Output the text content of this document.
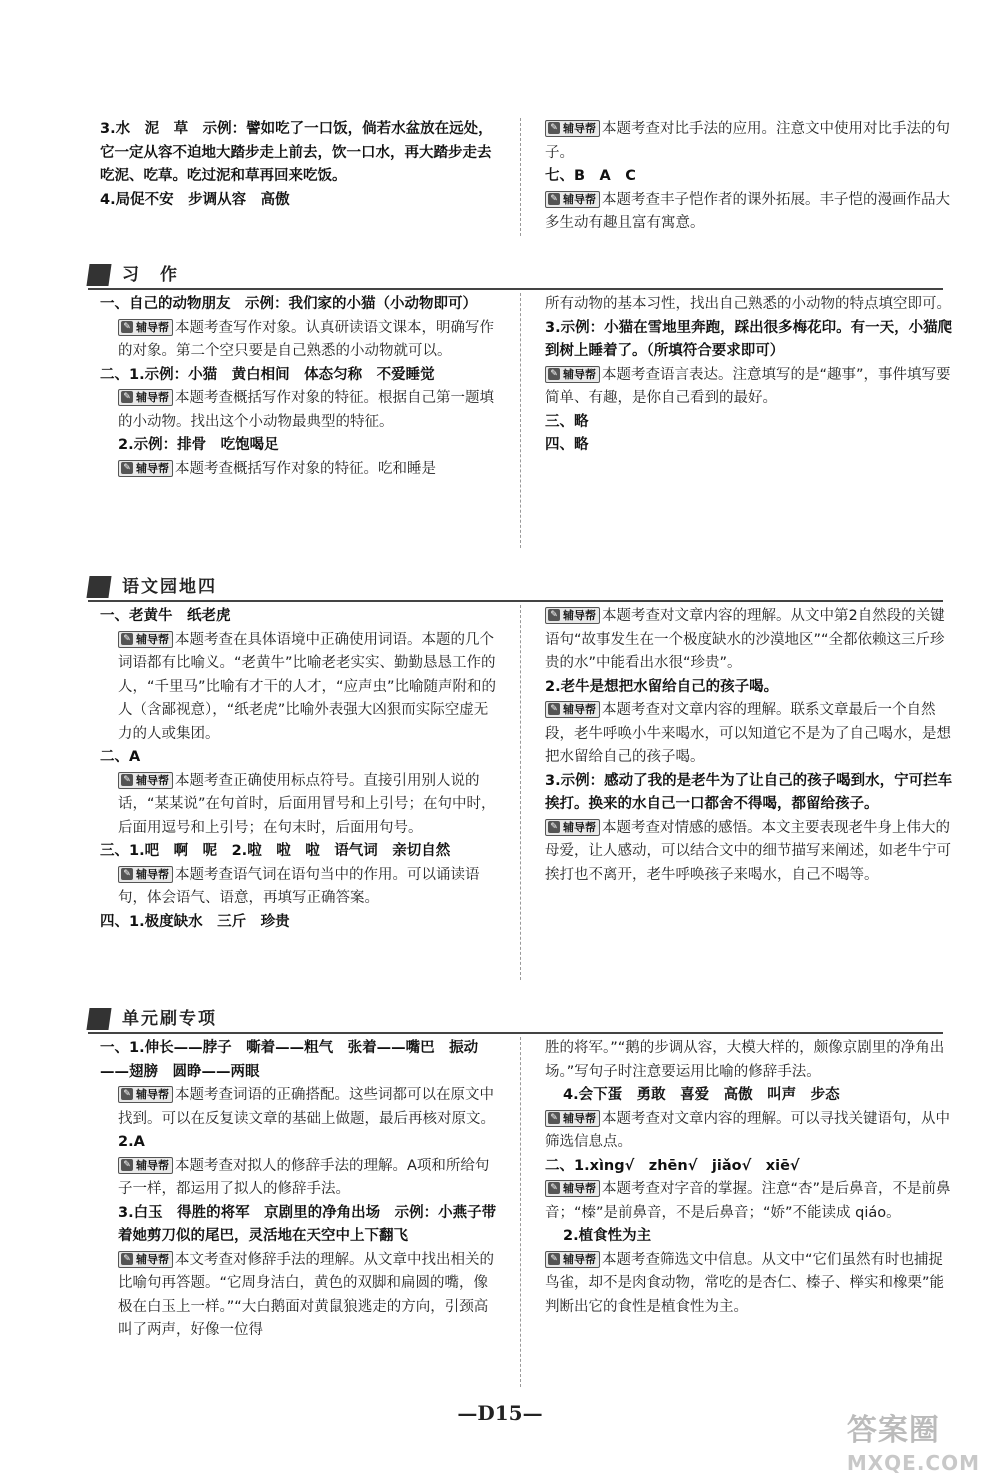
3.水　泥　草　示例：譬如吃了一口饭，倘若水盆放在远处，它一定从容不迫地大踏步走上前去，饮一口水，再大踏步走去吃泥、吃草。吃过泥和草再回来吃饭。

4.局促不安　步调从容　高傲

✎ 辅导帮 本题考查对比手法的应用。注意文中使用对比手法的句子。

七、B　A　C

✎ 辅导帮 本题考查丰子恺作者的课外拓展。丰子恺的漫画作品大多生动有趣且富有寓意。

习　作

一、自己的动物朋友　示例：我们家的小猫（小动物即可）

✎ 辅导帮 本题考查写作对象。认真研读语文课本，明确写作的对象。第二个空只要是自己熟悉的小动物就可以。

二、1.示例：小猫　黄白相间　体态匀称　不爱睡觉

✎ 辅导帮 本题考查概括写作对象的特征。根据自己第一题填的小动物。找出这个小动物最典型的特征。

2.示例：排骨　吃饱喝足

✎ 辅导帮 本题考查概括写作对象的特征。吃和睡是

所有动物的基本习性，找出自己熟悉的小动物的特点填空即可。

3.示例：小猫在雪地里奔跑，踩出很多梅花印。有一天，小猫爬到树上睡着了。（所填符合要求即可）

✎ 辅导帮 本题考查语言表达。注意填写的是“趣事”，事件填写要简单、有趣，是你自己看到的最好。

三、略

四、略

语文园地四

一、老黄牛　纸老虎

✎ 辅导帮 本题考查在具体语境中正确使用词语。本题的几个词语都有比喻义。“老黄牛”比喻老老实实、勤勤恳恳工作的人，“千里马”比喻有才干的人才，“应声虫”比喻随声附和的人（含鄙视意），“纸老虎”比喻外表强大凶狠而实际空虚无力的人或集团。

二、A

✎ 辅导帮 本题考查正确使用标点符号。直接引用别人说的话，“某某说”在句首时，后面用冒号和上引号；在句中时，后面用逗号和上引号；在句末时，后面用句号。

三、1.吧　啊　呢　2.啦　啦　啦　语气词　亲切自然

✎ 辅导帮 本题考查语气词在语句当中的作用。可以诵读语句，体会语气、语意，再填写正确答案。

四、1.极度缺水　三斤　珍贵

✎ 辅导帮 本题考查对文章内容的理解。从文中第2自然段的关键语句“故事发生在一个极度缺水的沙漠地区”“全都依赖这三斤珍贵的水”中能看出水很“珍贵”。

2.老牛是想把水留给自己的孩子喝。

✎ 辅导帮 本题考查对文章内容的理解。联系文章最后一个自然段，老牛呼唤小牛来喝水，可以知道它不是为了自己喝水，是想把水留给自己的孩子喝。

3.示例：感动了我的是老牛为了让自己的孩子喝到水，宁可拦车挨打。换来的水自己一口都舍不得喝，都留给孩子。

✎ 辅导帮 本题考查对情感的感悟。本文主要表现老牛身上伟大的母爱，让人感动，可以结合文中的细节描写来阐述，如老牛宁可挨打也不离开，老牛呼唤孩子来喝水，自己不喝等。

单元刷专项

一、1.伸长——脖子　嘶着——粗气　张着——嘴巴　振动——翅膀　圆睁——两眼

✎ 辅导帮 本题考查词语的正确搭配。这些词都可以在原文中找到。可以在反复读文章的基础上做题，最后再核对原文。

2.A

✎ 辅导帮 本题考查对拟人的修辞手法的理解。A项和所给句子一样，都运用了拟人的修辞手法。

3.白玉　得胜的将军　京剧里的净角出场　示例：小燕子带着她剪刀似的尾巴，灵活地在天空中上下翻飞

✎ 辅导帮 本文考查对修辞手法的理解。从文章中找出相关的比喻句再答题。“它周身洁白，黄色的双脚和扁圆的嘴，像极在白玉上一样。”“大白鹅面对黄鼠狼逃走的方向，引颈高叫了两声，好像一位得

胜的将军。”“鹅的步调从容，大模大样的，颇像京剧里的净角出场。”写句子时注意要运用比喻的修辞手法。

4.会下蛋　勇敢　喜爱　高傲　叫声　步态

✎ 辅导帮 本题考查对文章内容的理解。可以寻找关键语句，从中筛选信息点。

二、1.xìng√　zhēn√　jiǎo√　xiē√

✎ 辅导帮 本题考查对字音的掌握。注意“杏”是后鼻音，不是前鼻音；“榛”是前鼻音，不是后鼻音；“娇”不能读成 qiáo。

2.植食性为主

✎ 辅导帮 本题考查筛选文中信息。从文中“它们虽然有时也捕捉鸟雀，却不是肉食动物，常吃的是杏仁、榛子、榉实和橡栗”能判断出它的食性是植食性为主。

—D15—	答案圈
MXQE.COM
